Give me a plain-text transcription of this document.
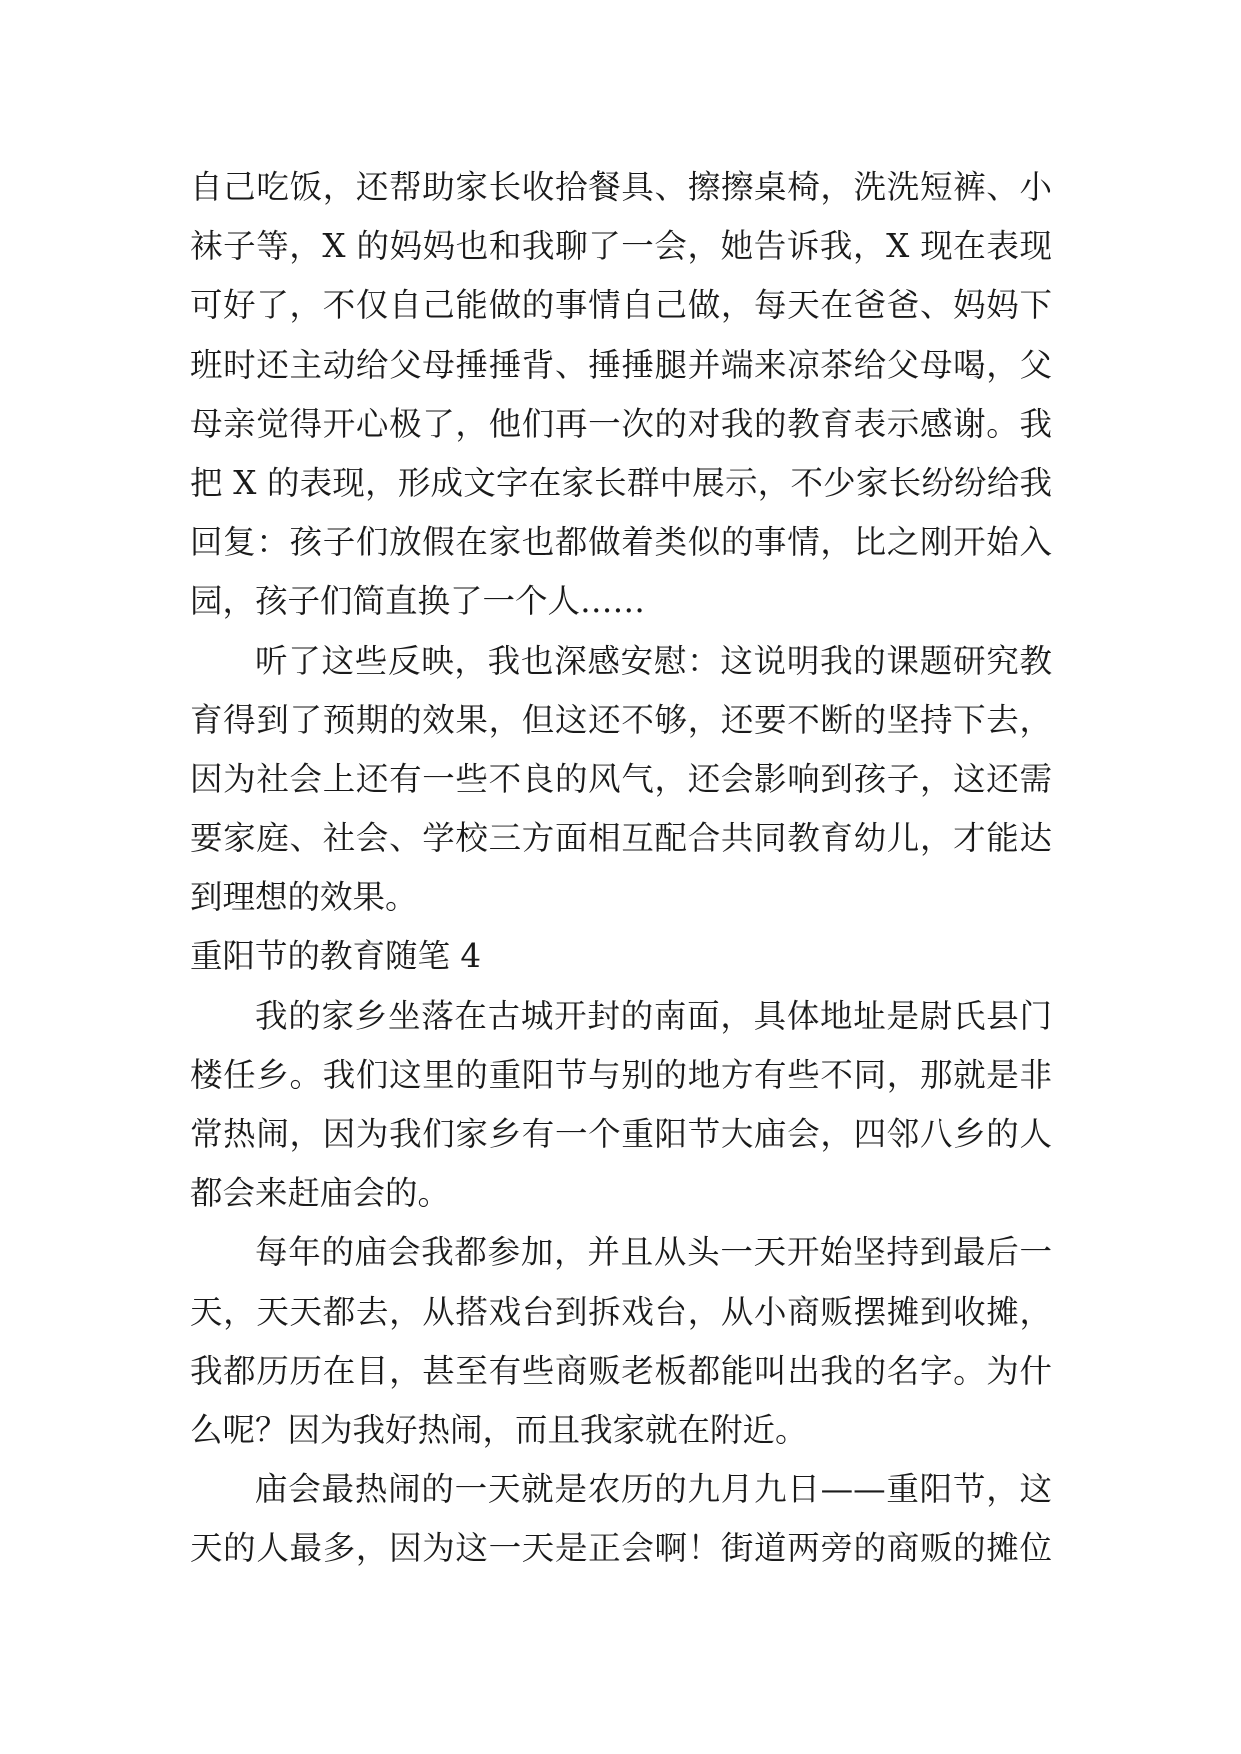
自己吃饭，还帮助家长收拾餐具、擦擦桌椅，洗洗短裤、小
袜子等，X 的妈妈也和我聊了一会，她告诉我，X 现在表现
可好了，不仅自己能做的事情自己做，每天在爸爸、妈妈下
班时还主动给父母捶捶背、捶捶腿并端来凉茶给父母喝，父
母亲觉得开心极了，他们再一次的对我的教育表示感谢。我
把 X 的表现，形成文字在家长群中展示，不少家长纷纷给我
回复：孩子们放假在家也都做着类似的事情，比之刚开始入
园，孩子们简直换了一个人……
听了这些反映，我也深感安慰：这说明我的课题研究教
育得到了预期的效果，但这还不够，还要不断的坚持下去，
因为社会上还有一些不良的风气，还会影响到孩子，这还需
要家庭、社会、学校三方面相互配合共同教育幼儿，才能达
到理想的效果。
重阳节的教育随笔 4
我的家乡坐落在古城开封的南面，具体地址是尉氏县门
楼任乡。我们这里的重阳节与别的地方有些不同，那就是非
常热闹，因为我们家乡有一个重阳节大庙会，四邻八乡的人
都会来赶庙会的。
每年的庙会我都参加，并且从头一天开始坚持到最后一
天，天天都去，从搭戏台到拆戏台，从小商贩摆摊到收摊，
我都历历在目，甚至有些商贩老板都能叫出我的名字。为什
么呢？因为我好热闹，而且我家就在附近。
庙会最热闹的一天就是农历的九月九日——重阳节，这
天的人最多，因为这一天是正会啊！街道两旁的商贩的摊位
